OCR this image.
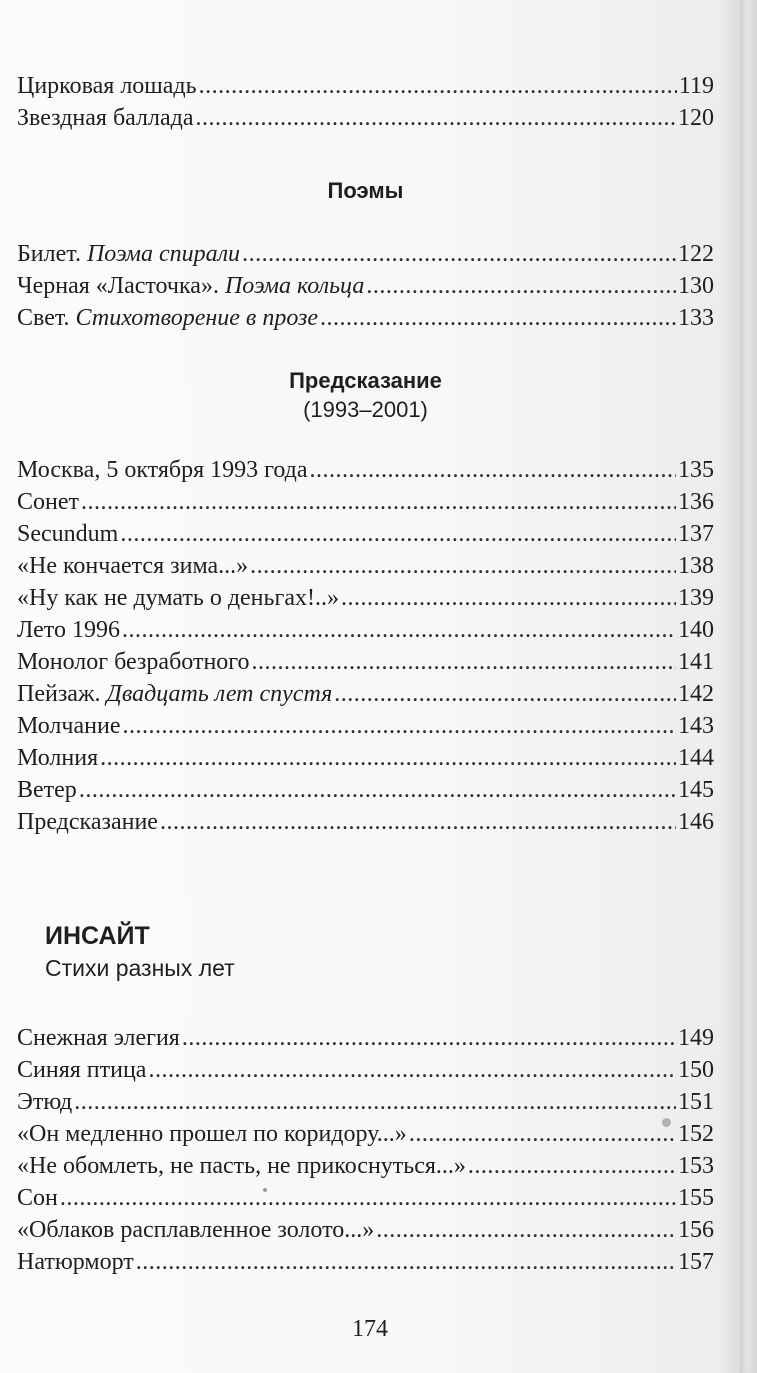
Цирковая лошадь .....	119
Звездная баллада .....	120
Поэмы
Билет. Поэма спирали .....	122
Черная «Ласточка». Поэма кольца .....	130
Свет. Стихотворение в прозе .....	133
Предсказание
(1993–2001)
Москва, 5 октября 1993 года .....	135
Сонет .....	136
Secundum .....	137
«Не кончается зима...» .....	138
«Ну как не думать о деньгах!..» .....	139
Лето 1996 .....	140
Монолог безработного .....	141
Пейзаж. Двадцать лет спустя .....	142
Молчание .....	143
Молния .....	144
Ветер .....	145
Предсказание .....	146
ИНСАЙТ
Стихи разных лет
Снежная элегия .....	149
Синяя птица .....	150
Этюд .....	151
«Он медленно прошел по коридору...» .....	152
«Не обомлеть, не пасть, не прикоснуться...» .....	153
Сон .....	155
«Облаков расплавленное золото...» .....	156
Натюрморт .....	157
174
